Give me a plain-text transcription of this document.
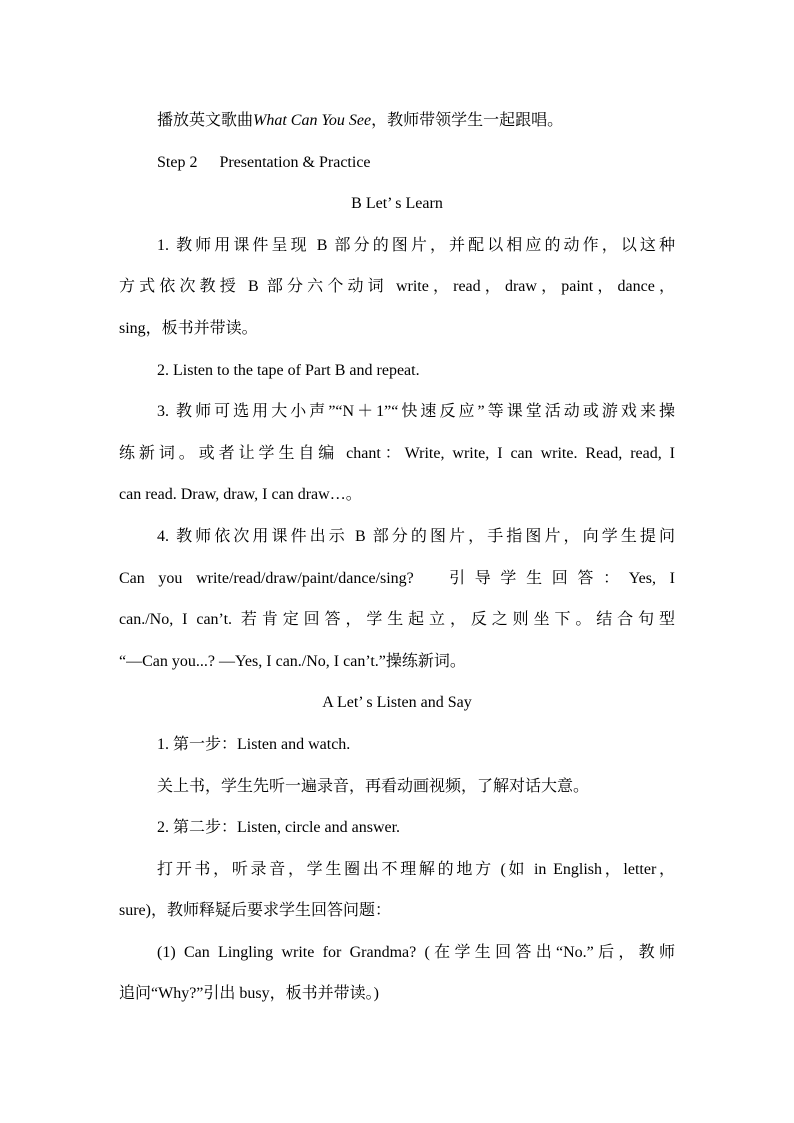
播放英文歌曲What Can You See，教师带领学生一起跟唱。

Step 2 Presentation & Practice

B Let’ s Learn

1. 教师用课件呈现 B 部分的图片，并配以相应的动作，以这种

方式依次教授 B 部分六个动词 write，read，draw，paint，dance，

sing，板书并带读。

2. Listen to the tape of Part B and repeat.

3. 教师可选用大小声”“N＋1”“快速反应”等课堂活动或游戏来操

练新词。或者让学生自编 chant：Write, write, I can write. Read, read, I

can read. Draw, draw, I can draw…。

4. 教师依次用课件出示 B 部分的图片，手指图片，向学生提问

Can you write/read/draw/paint/dance/sing?　引导学生回答：Yes, I

can./No, I can’t. 若肯定回答，学生起立，反之则坐下。结合句型

“—Can you...? —Yes, I can./No, I can’t.”操练新词。

A Let’ s Listen and Say

1. 第一步：Listen and watch.

关上书，学生先听一遍录音，再看动画视频，了解对话大意。

2. 第二步：Listen, circle and answer.

打开书，听录音，学生圈出不理解的地方 (如 in English，letter，

sure)，教师释疑后要求学生回答问题：

(1) Can Lingling write for Grandma? (在学生回答出“No.”后，教师

追问“Why?”引出 busy，板书并带读。)
